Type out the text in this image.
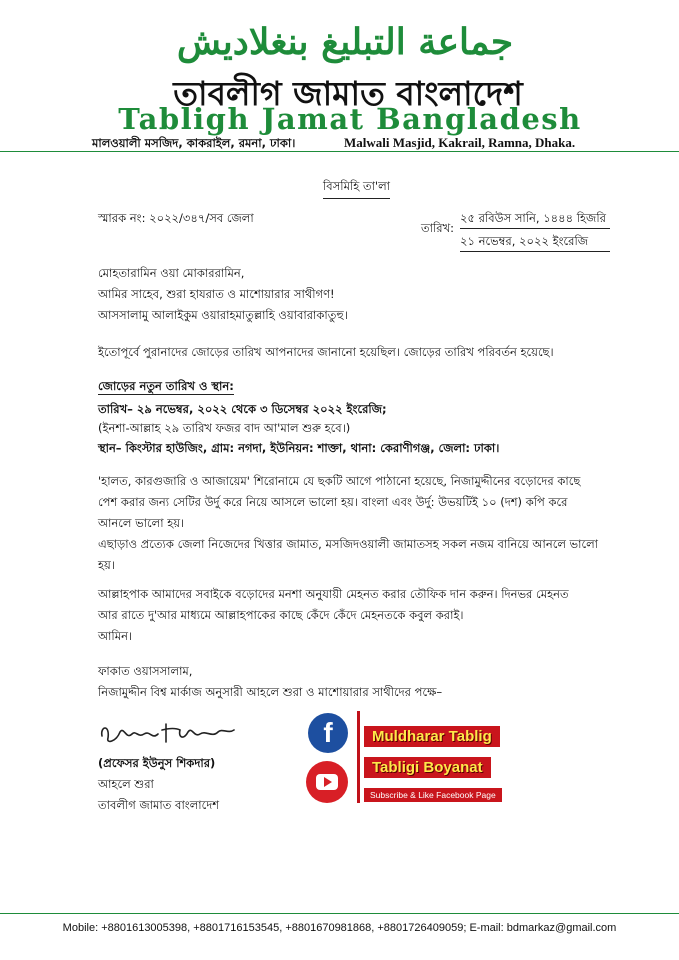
جماعة التبليغ بنغلاديش
তাবলীগ জামাত বাংলাদেশ
Tabligh Jamat Bangladesh
মালওয়ালী মসজিদ, কাকরাইল, রমনা, ঢাকা।	Malwali Masjid, Kakrail, Ramna, Dhaka.
বিসমিহি তা'লা
স্মারক নং: ২০২২/৩৪৭/সব জেলা
তারিখ:
২৫ রবিউস সানি, ১৪৪৪ হিজরি
২১ নভেম্বর, ২০২২ ইংরেজি
মোহতারামিন ওয়া মোকাররামিন,
আমির সাহেব, শুরা হাযরাত ও মাশোয়ারার সাথীগণ!
আসসালামু আলাইকুম ওয়ারাহমাতুল্লাহি ওয়াবারাকাতুহু।
ইতোপূর্বে পুরানাদের জোড়ের তারিখ আপনাদের জানানো হয়েছিল। জোড়ের তারিখ পরিবর্তন হয়েছে।
জোড়ের নতুন তারিখ ও স্থান:
তারিখ– ২৯ নভেম্বর, ২০২২ থেকে ৩ ডিসেম্বর ২০২২ ইংরেজি;
(ইনশা-আল্লাহ ২৯ তারিখ ফজর বাদ আ'মাল শুরু হবে।)
স্থান– কিংস্টার হাউজিং, গ্রাম: নগদা, ইউনিয়ন: শাক্তা, থানা: কেরাণীগঞ্জ, জেলা: ঢাকা।
'হালত, কারগুজারি ও আজায়েম' শিরোনামে যে ছকটি আগে পাঠানো হয়েছে, নিজামুদ্দীনের বড়োদের কাছে
পেশ করার জন্য সেটির উর্দু করে নিয়ে আসলে ভালো হয়। বাংলা এবং উর্দু: উভয়টিই ১০ (দশ) কপি করে
আনলে ভালো হয়।
এছাড়াও প্রত্যেক জেলা নিজেদের খিত্তার জামাত, মসজিদওয়ালী জামাতসহ সকল নজম বানিয়ে আনলে ভালো
হয়।
আল্লাহপাক আমাদের সবাইকে বড়োদের মনশা অনুযায়ী মেহনত করার তৌফিক দান করুন। দিনভর মেহনত
আর রাতে দু'আর মাধ্যমে আল্লাহপাকের কাছে কেঁদে কেঁদে মেহনতকে কবুল করাই।
আমিন।
ফাকাত ওয়াসসালাম,
নিজামুদ্দীন বিশ্ব মার্কাজ অনুসারী আহলে শুরা ও মাশোয়ারার সাথীদের পক্ষে–
(প্রফেসর ইউনুস শিকদার)
আহলে শুরা
তাবলীগ জামাত বাংলাদেশ
f	Muldharar Tablig
Tabligi Boyanat
Subscribe & Like Facebook Page
Mobile: +8801613005398, +8801716153545, +8801670981868, +8801726409059; E-mail: bdmarkaz@gmail.com
